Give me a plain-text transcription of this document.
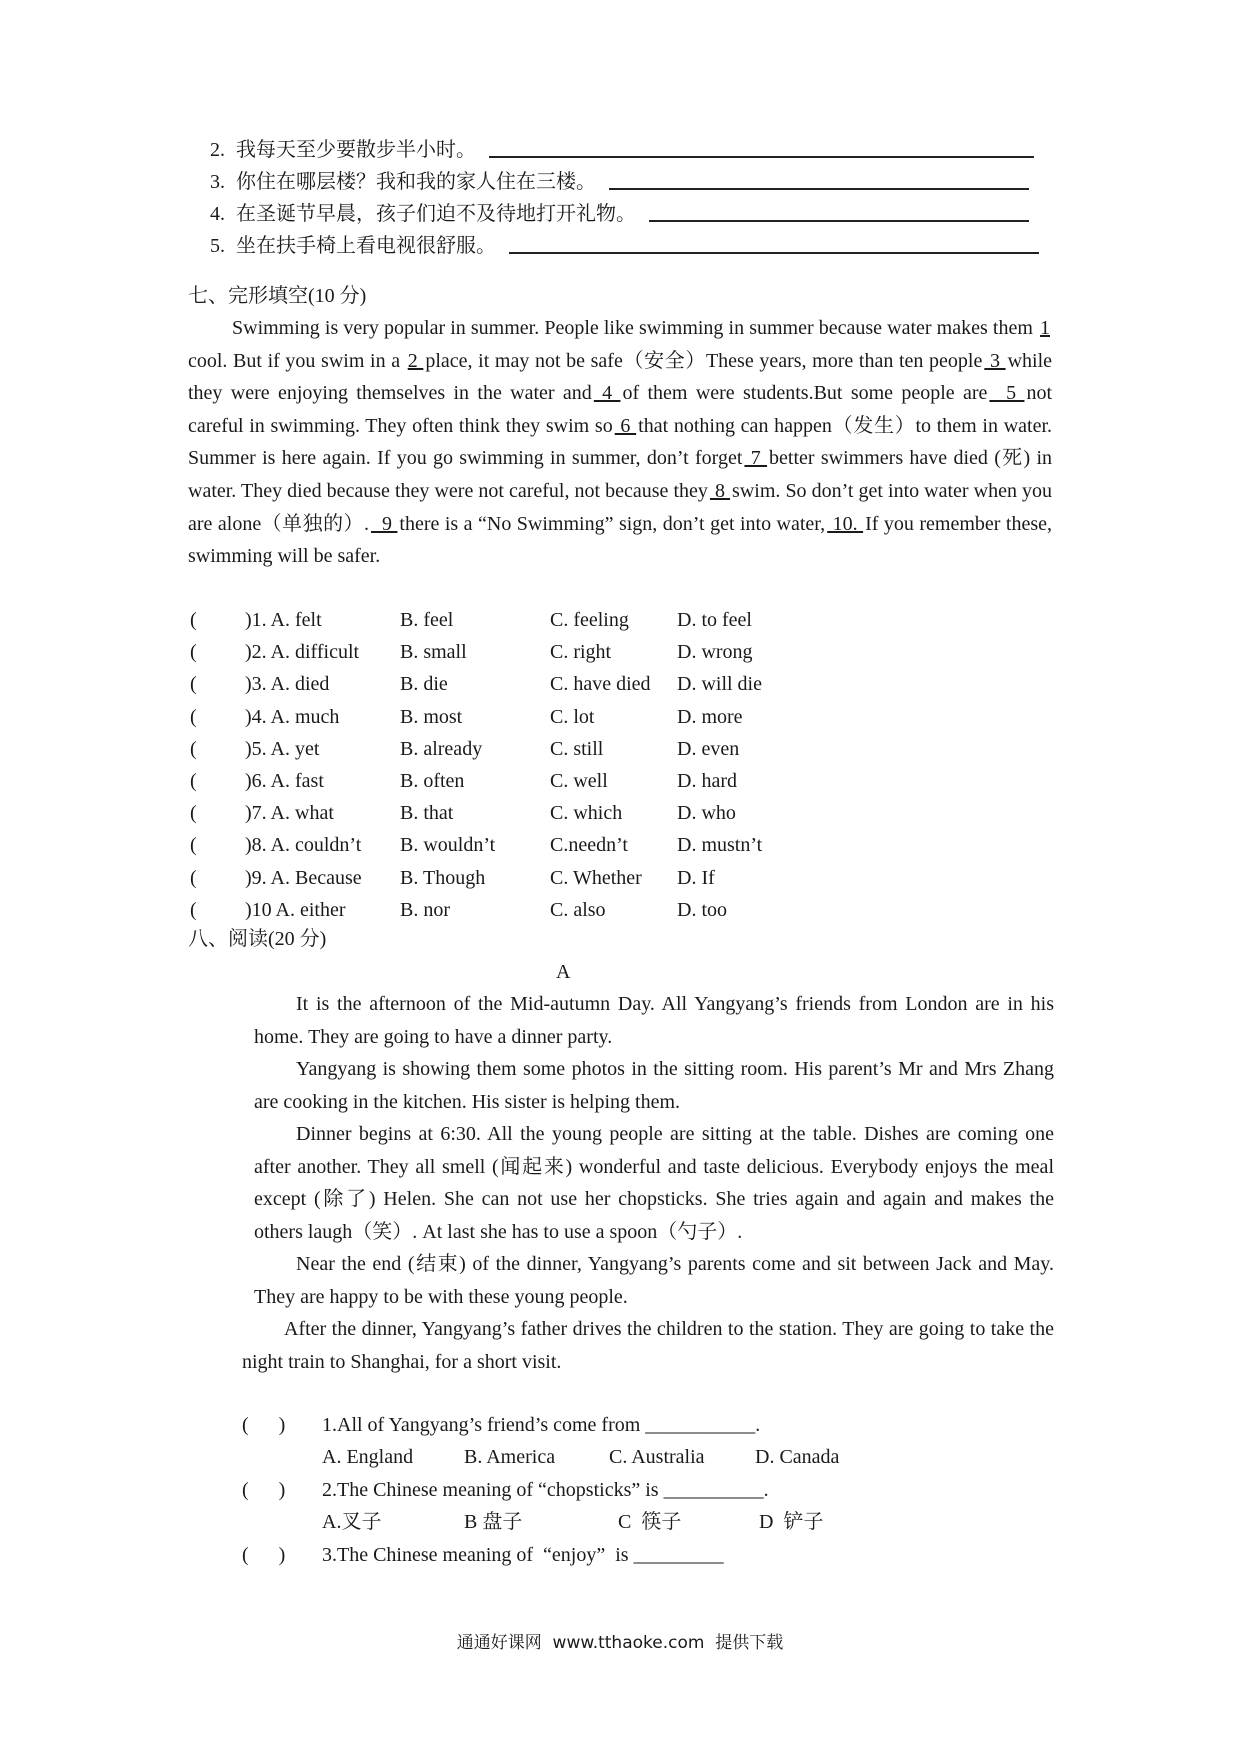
2. 我每天至少要散步半小时。
3. 你住在哪层楼？我和我的家人住在三楼。
4. 在圣诞节早晨，孩子们迫不及待地打开礼物。
5. 坐在扶手椅上看电视很舒服。
七、完形填空(10 分)
Swimming is very popular in summer. People like swimming in summer because water makes them 1 cool. But if you swim in a 2 place, it may not be safe（安全）These years, more than ten people 3 while they were enjoying themselves in the water and 4 of them were students.But some people are  5 not careful in swimming. They often think they swim so 6 that nothing can happen（发生）to them in water. Summer is here again. If you go swimming in summer, don’t forget 7 better swimmers have died (死) in water. They died because they were not careful, not because they 8 swim. So don’t get into water when you are alone（单独的）.  9 there is a “No Swimming” sign, don’t get into water, 10. If you remember these, swimming will be safer.
( )1. A. felt	B. feel	C. feeling D. to feel
( )2. A. difficult B. small	C. right	D. wrong
( )3. A. died	B. die	C. have died D. will die
( )4. A. much	B. most	C. lot	D. more
( )5. A. yet	B. already	C. still	D. even
( )6. A. fast	B. often	C. well	D. hard
( )7. A. what	B. that	C. which	D. who
( )8. A. couldn’t B. wouldn’t	C.needn’t D. mustn’t
( )9. A. Because B. Though	C. Whether D. If
( )10 A. either	B. nor	C. also	D. too
八、阅读(20 分)
A
It is the afternoon of the Mid-autumn Day. All Yangyang’s friends from London are in his home. They are going to have a dinner party.
Yangyang is showing them some photos in the sitting room. His parent’s Mr and Mrs Zhang are cooking in the kitchen. His sister is helping them.
Dinner begins at 6:30. All the young people are sitting at the table. Dishes are coming one after another. They all smell (闻起来) wonderful and taste delicious. Everybody enjoys the meal except (除了) Helen. She can not use her chopsticks. She tries again and again and makes the others laugh（笑）. At last she has to use a spoon（勺子）.
Near the end (结束) of the dinner, Yangyang’s parents come and sit between Jack and May. They are happy to be with these young people.
After the dinner, Yangyang’s father drives the children to the station. They are going to take the night train to Shanghai, for a short visit.
(      ) 1.All of Yangyang’s friend’s come from ___________.
A. England	B. America	C. Australia	D. Canada
(      ) 2.The Chinese meaning of “chopsticks” is __________.
A.叉子	B 盘子	C  筷子	D  铲子
(      ) 3.The Chinese meaning of  “enjoy”  is _________
通通好课网  www.tthaoke.com  提供下载
